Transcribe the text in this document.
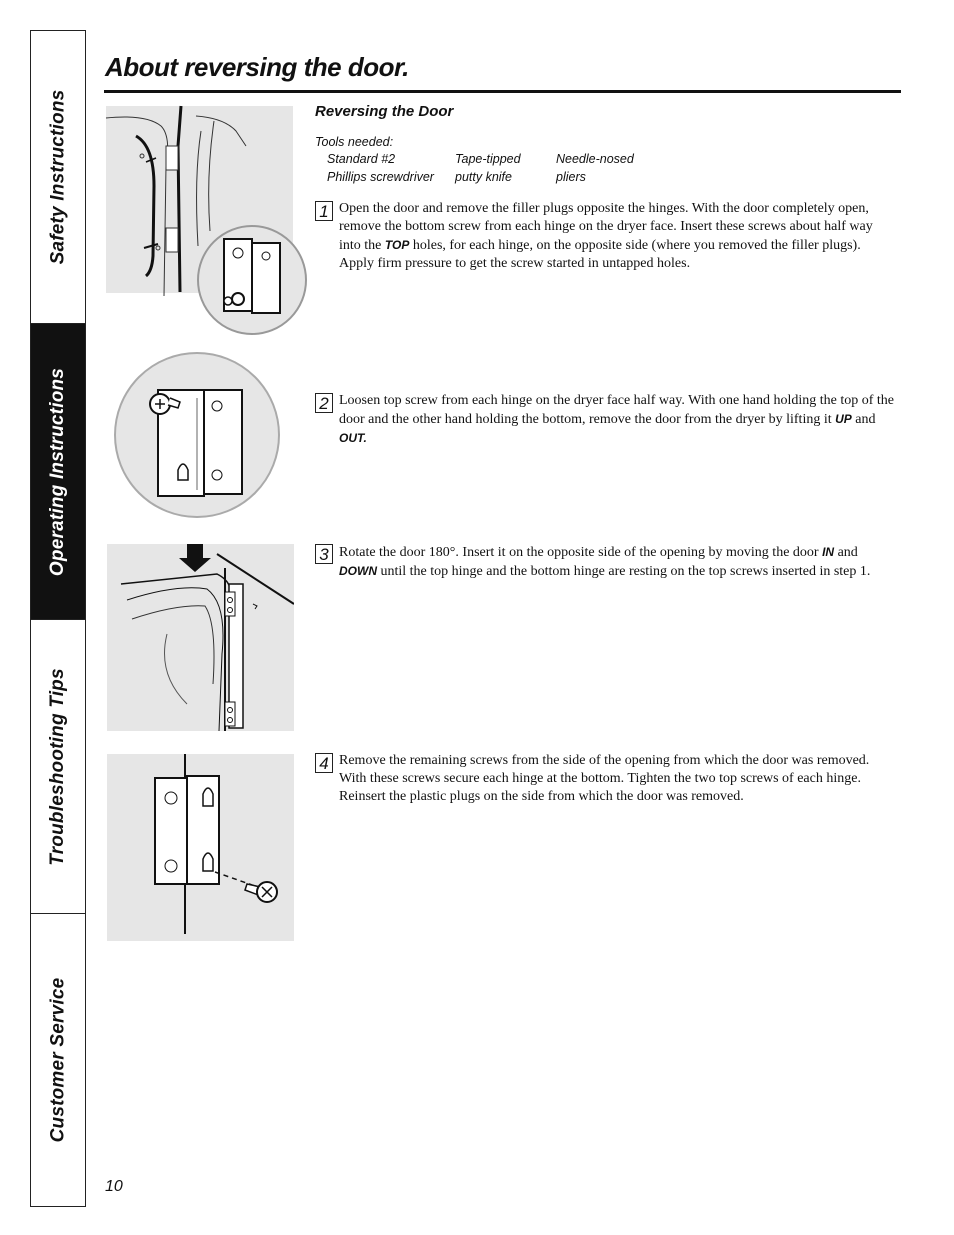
Safety Instructions
Operating Instructions
Troubleshooting Tips
Customer Service
About reversing the door.
Reversing the Door
Tools needed:
Standard #2
Phillips screwdriver
Tape-tipped
putty knife
Needle-nosed
pliers
1 Open the door and remove the filler plugs opposite the hinges. With the door completely open, remove the bottom screw from each hinge on the dryer face. Insert these screws about half way into the TOP holes, for each hinge, on the opposite side (where you removed the filler plugs). Apply firm pressure to get the screw started in untapped holes.

2 Loosen top screw from each hinge on the dryer face half way. With one hand holding the top of the door and the other hand holding the bottom, remove the door from the dryer by lifting it UP and OUT.

3 Rotate the door 180°. Insert it on the opposite side of the opening by moving the door IN and DOWN until the top hinge and the bottom hinge are resting on the top screws inserted in step 1.

4 Remove the remaining screws from the side of the opening from which the door was removed. With these screws secure each hinge at the bottom. Tighten the two top screws of each hinge. Reinsert the plastic plugs on the side from which the door was removed.

10
